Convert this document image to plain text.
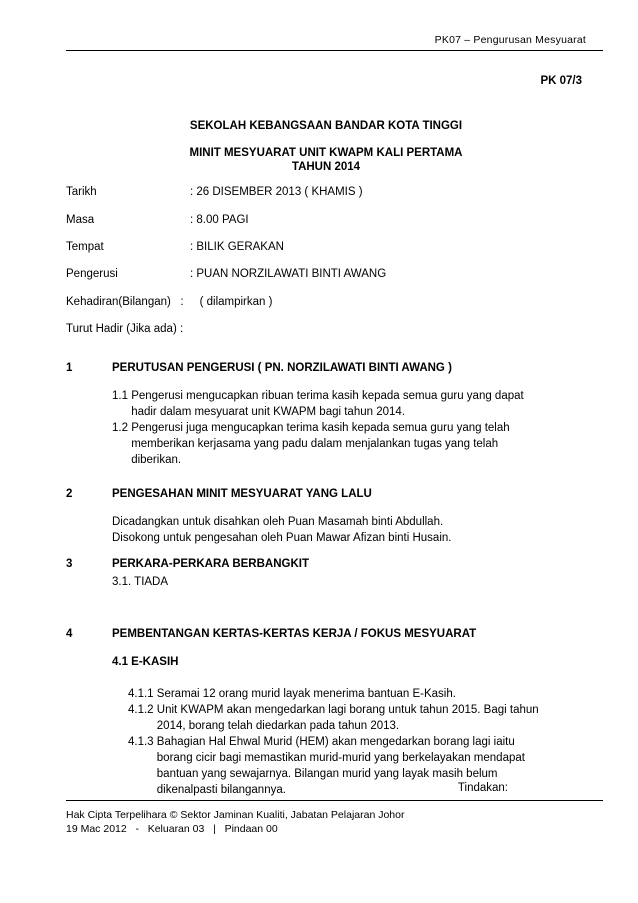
PK07 – Pengurusan Mesyuarat
PK 07/3
SEKOLAH KEBANGSAAN BANDAR KOTA TINGGI
MINIT MESYUARAT UNIT KWAPM KALI PERTAMA
TAHUN 2014
Tarikh	: 26 DISEMBER 2013 ( KHAMIS )
Masa	: 8.00 PAGI
Tempat	: BILIK GERAKAN
Pengerusi	: PUAN NORZILAWATI BINTI AWANG
Kehadiran(Bilangan)   :     ( dilampirkan )
Turut Hadir (Jika ada) :
1	PERUTUSAN PENGERUSI ( PN. NORZILAWATI BINTI AWANG )
1.1 Pengerusi mengucapkan ribuan terima kasih kepada semua guru yang dapat hadir dalam mesyuarat unit KWAPM bagi tahun 2014.
1.2 Pengerusi juga mengucapkan terima kasih kepada semua guru yang telah memberikan kerjasama yang padu dalam menjalankan tugas yang telah diberikan.
2	PENGESAHAN MINIT MESYUARAT YANG LALU
Dicadangkan untuk disahkan oleh Puan Masamah binti Abdullah.
Disokong untuk pengesahan oleh Puan Mawar Afizan binti Husain.
3	PERKARA-PERKARA BERBANGKIT
3.1. TIADA
4	PEMBENTANGAN KERTAS-KERTAS KERJA / FOKUS MESYUARAT
4.1 E-KASIH
4.1.1 Seramai 12 orang murid layak menerima bantuan E-Kasih.
4.1.2 Unit KWAPM akan mengedarkan lagi borang untuk tahun 2015. Bagi tahun 2014, borang telah diedarkan pada tahun 2013.
4.1.3 Bahagian Hal Ehwal Murid (HEM) akan mengedarkan borang lagi iaitu borang cicir bagi memastikan murid-murid yang berkelayakan mendapat bantuan yang sewajarnya. Bilangan murid yang layak masih belum dikenalpasti bilangannya.	Tindakan:
Hak Cipta Terpelihara © Sektor Jaminan Kualiti, Jabatan Pelajaran Johor
19 Mac 2012   -   Keluaran 03   |   Pindaan 00
